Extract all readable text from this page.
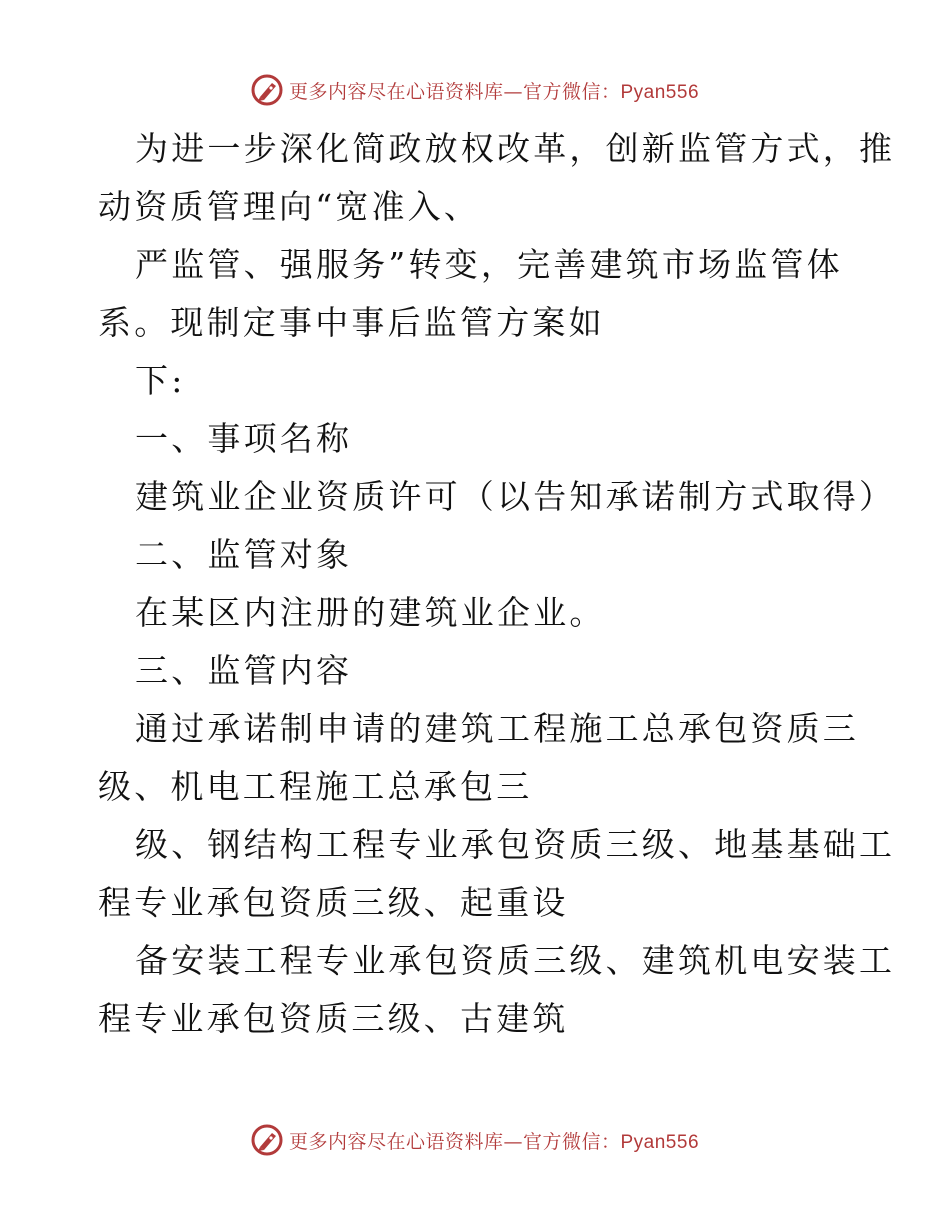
更多内容尽在心语资料库—官方微信：Pyan556
为进一步深化简政放权改革，创新监管方式，推
动资质管理向“宽准入、
严监管、强服务”转变，完善建筑市场监管体
系。现制定事中事后监管方案如
下:
一、事项名称
建筑业企业资质许可（以告知承诺制方式取得）
二、监管对象
在某区内注册的建筑业企业。
三、监管内容
通过承诺制申请的建筑工程施工总承包资质三
级、机电工程施工总承包三
级、钢结构工程专业承包资质三级、地基基础工
程专业承包资质三级、起重设
备安装工程专业承包资质三级、建筑机电安装工
程专业承包资质三级、古建筑
更多内容尽在心语资料库—官方微信：Pyan556
